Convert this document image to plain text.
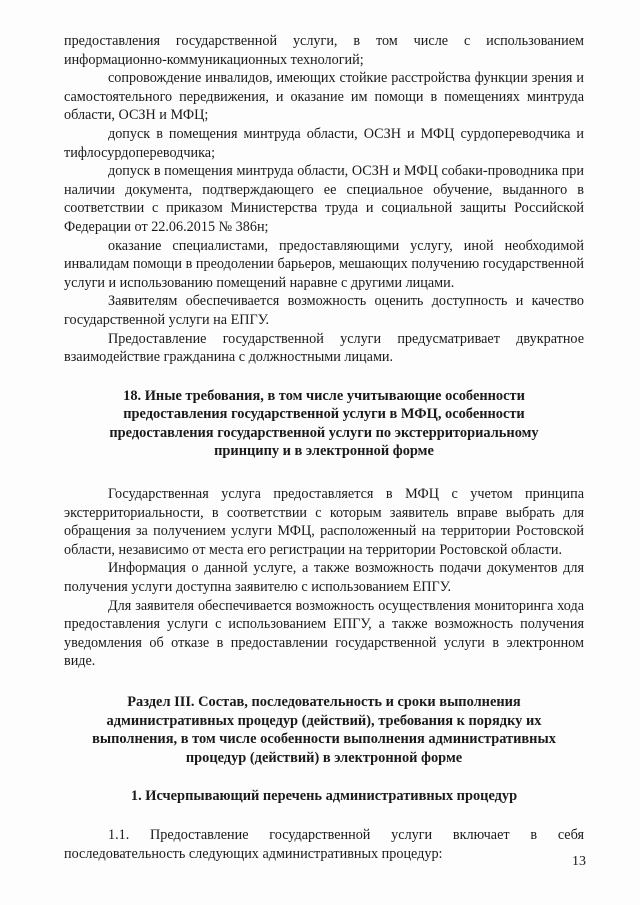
предоставления государственной услуги, в том числе с использованием информационно-коммуникационных технологий;

сопровождение инвалидов, имеющих стойкие расстройства функции зрения и самостоятельного передвижения, и оказание им помощи в помещениях минтруда области, ОСЗН и МФЦ;

допуск в помещения минтруда области, ОСЗН и МФЦ сурдопереводчика и тифлосурдопереводчика;

допуск в помещения минтруда области, ОСЗН и МФЦ собаки-проводника при наличии документа, подтверждающего ее специальное обучение, выданного в соответствии с приказом Министерства труда и социальной защиты Российской Федерации от 22.06.2015 № 386н;

оказание специалистами, предоставляющими услугу, иной необходимой инвалидам помощи в преодолении барьеров, мешающих получению государственной услуги и использованию помещений наравне с другими лицами.

Заявителям обеспечивается возможность оценить доступность и качество государственной услуги на ЕПГУ.

Предоставление государственной услуги предусматривает двукратное взаимодействие гражданина с должностными лицами.

18. Иные требования, в том числе учитывающие особенности предоставления государственной услуги в МФЦ, особенности предоставления государственной услуги по экстерриториальному принципу и в электронной форме

Государственная услуга предоставляется в МФЦ с учетом принципа экстерриториальности, в соответствии с которым заявитель вправе выбрать для обращения за получением услуги МФЦ, расположенный на территории Ростовской области, независимо от места его регистрации на территории Ростовской области.

Информация о данной услуге, а также возможность подачи документов для получения услуги доступна заявителю с использованием ЕПГУ.

Для заявителя обеспечивается возможность осуществления мониторинга хода предоставления услуги с использованием ЕПГУ, а также возможность получения уведомления об отказе в предоставлении государственной услуги в электронном виде.

Раздел III. Состав, последовательность и сроки выполнения административных процедур (действий), требования к порядку их выполнения, в том числе особенности выполнения административных процедур (действий) в электронной форме
1. Исчерпывающий перечень административных процедур

1.1. Предоставление государственной услуги включает в себя последовательность следующих административных процедур:	13
